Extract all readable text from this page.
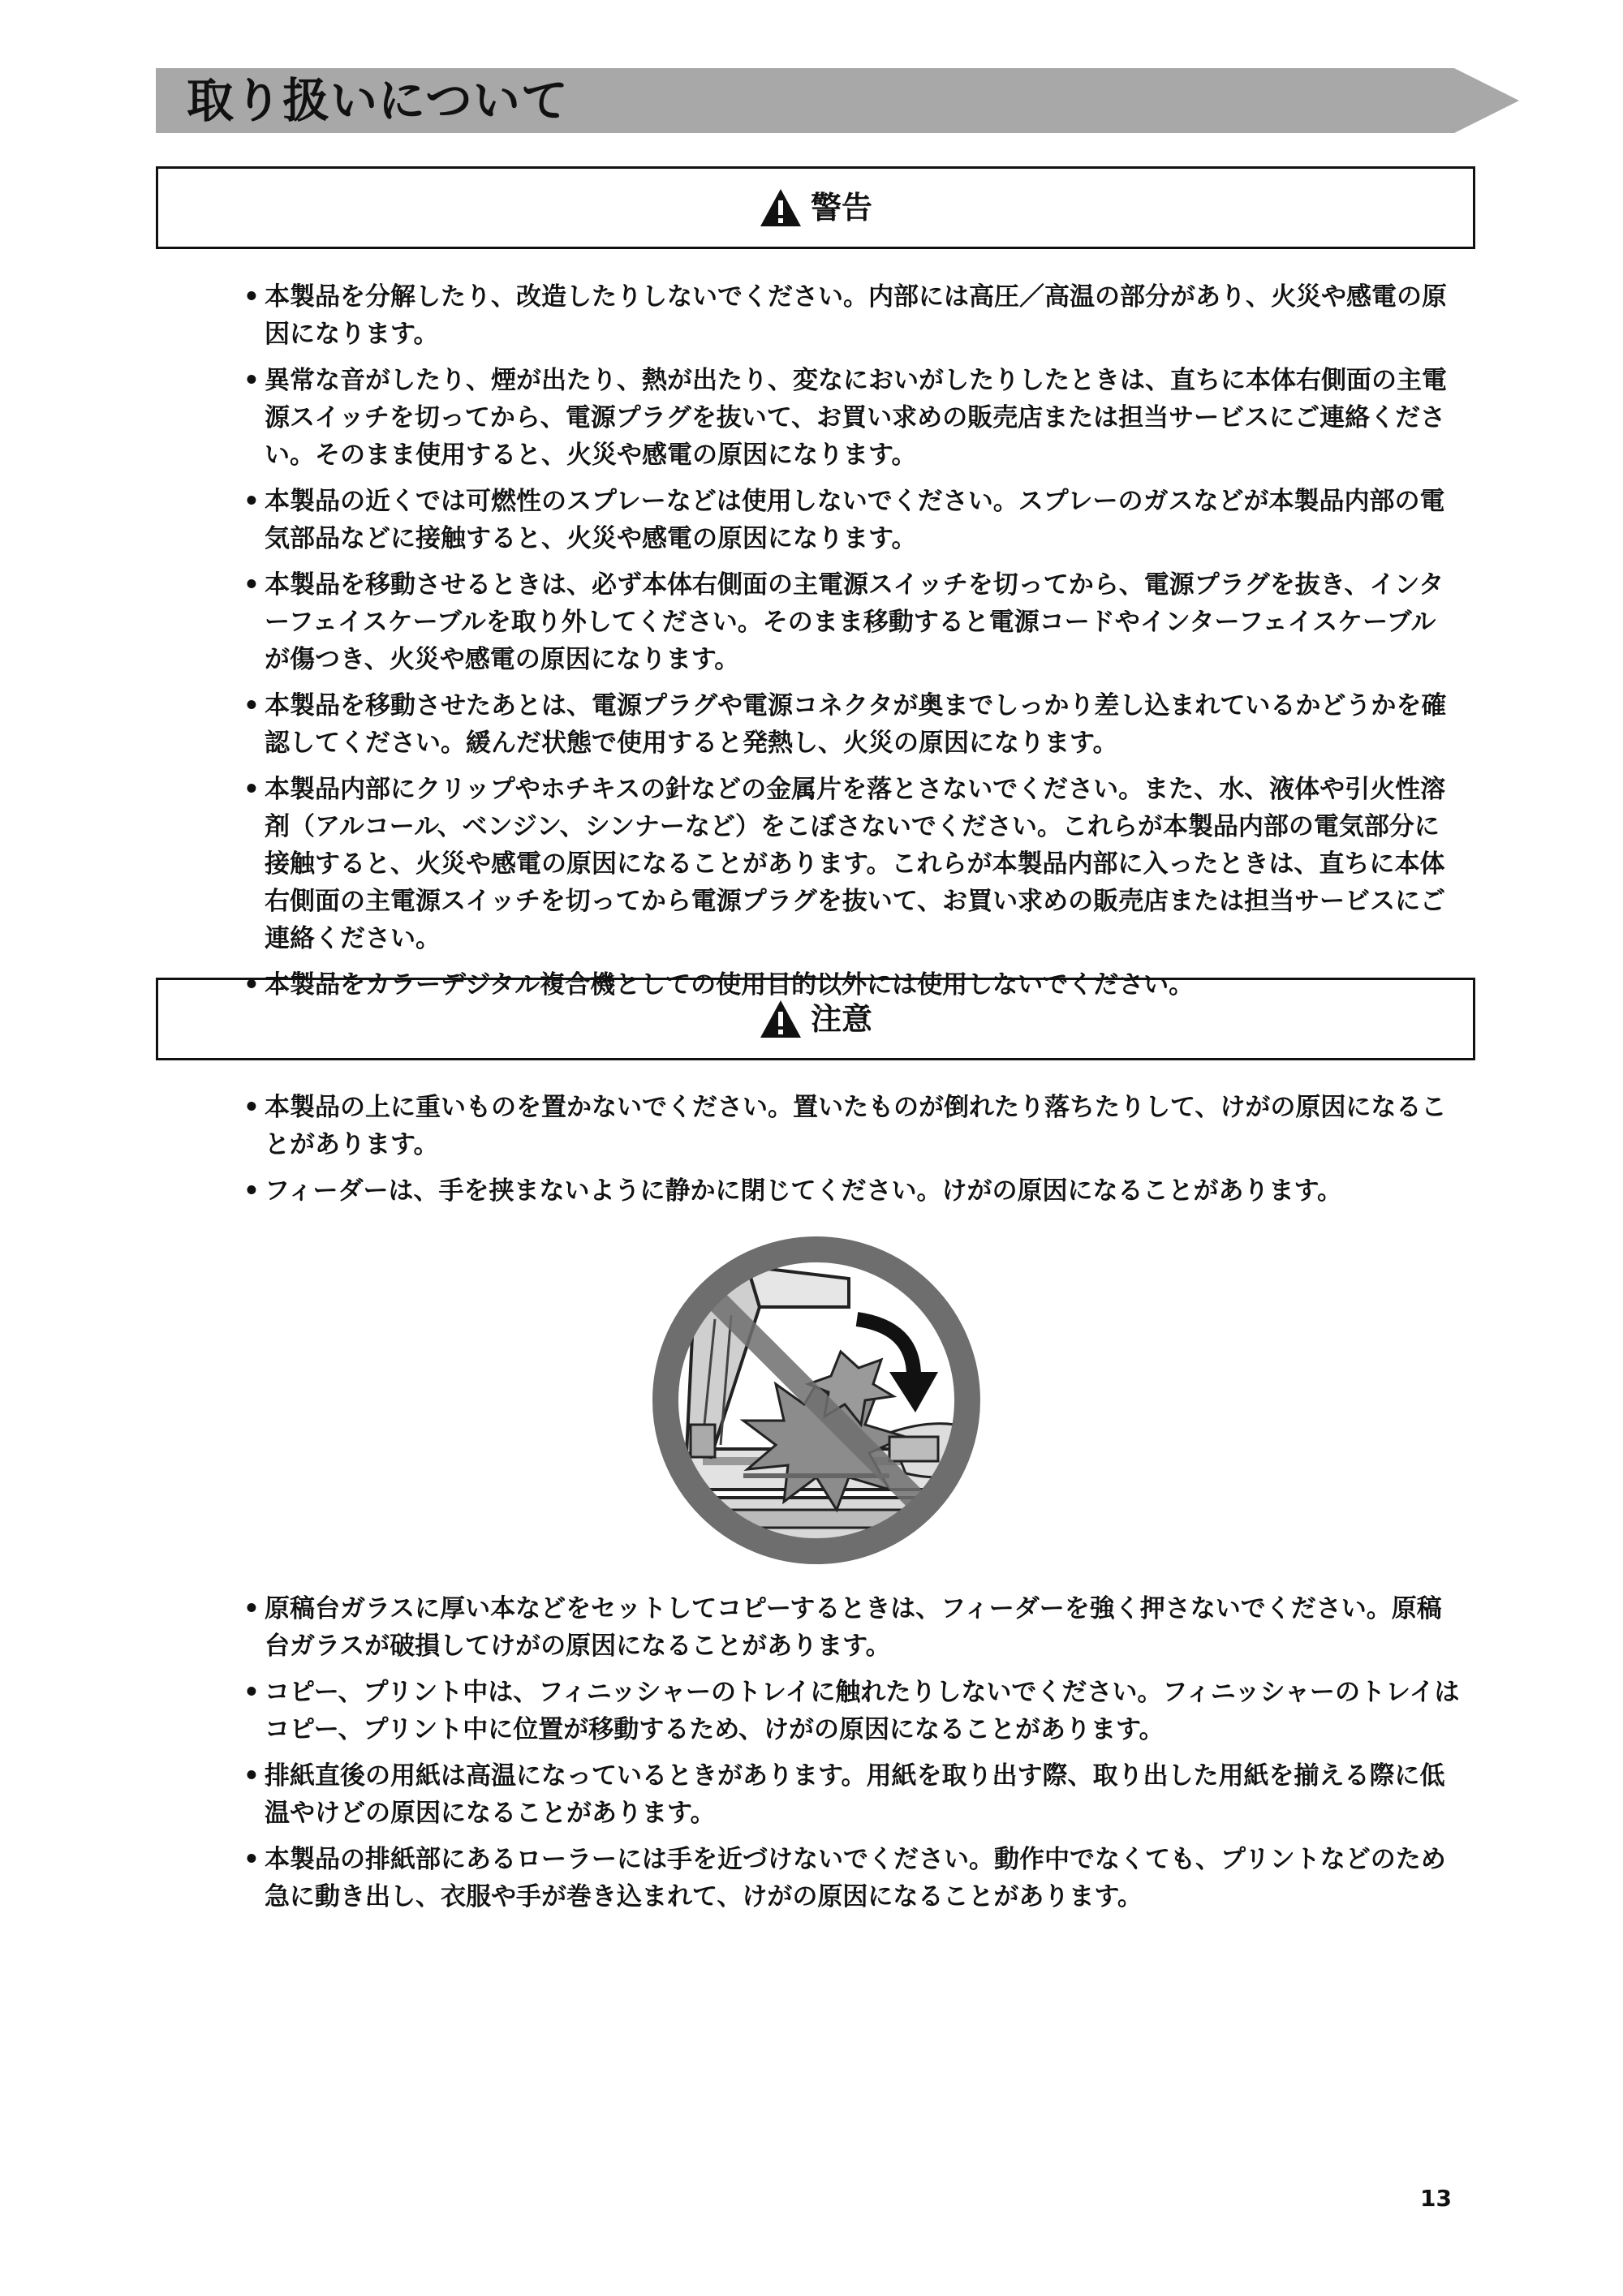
取り扱いについて
警告
• 本製品を分解したり、改造したりしないでください。内部には高圧／高温の部分があり、火災や感電の原因になります。
• 異常な音がしたり、煙が出たり、熱が出たり、変なにおいがしたりしたときは、直ちに本体右側面の主電源スイッチを切ってから、電源プラグを抜いて、お買い求めの販売店または担当サービスにご連絡ください。そのまま使用すると、火災や感電の原因になります。
• 本製品の近くでは可燃性のスプレーなどは使用しないでください。スプレーのガスなどが本製品内部の電気部品などに接触すると、火災や感電の原因になります。
• 本製品を移動させるときは、必ず本体右側面の主電源スイッチを切ってから、電源プラグを抜き、インターフェイスケーブルを取り外してください。そのまま移動すると電源コードやインターフェイスケーブルが傷つき、火災や感電の原因になります。
• 本製品を移動させたあとは、電源プラグや電源コネクタが奥までしっかり差し込まれているかどうかを確認してください。緩んだ状態で使用すると発熱し、火災の原因になります。
• 本製品内部にクリップやホチキスの針などの金属片を落とさないでください。また、水、液体や引火性溶剤（アルコール、ベンジン、シンナーなど）をこぼさないでください。これらが本製品内部の電気部分に接触すると、火災や感電の原因になることがあります。これらが本製品内部に入ったときは、直ちに本体右側面の主電源スイッチを切ってから電源プラグを抜いて、お買い求めの販売店または担当サービスにご連絡ください。
• 本製品をカラーデジタル複合機としての使用目的以外には使用しないでください。
注意
• 本製品の上に重いものを置かないでください。置いたものが倒れたり落ちたりして、けがの原因になることがあります。
• フィーダーは、手を挟まないように静かに閉じてください。けがの原因になることがあります。
• 原稿台ガラスに厚い本などをセットしてコピーするときは、フィーダーを強く押さないでください。原稿台ガラスが破損してけがの原因になることがあります。
• コピー、プリント中は、フィニッシャーのトレイに触れたりしないでください。フィニッシャーのトレイはコピー、プリント中に位置が移動するため、けがの原因になることがあります。
• 排紙直後の用紙は高温になっているときがあります。用紙を取り出す際、取り出した用紙を揃える際に低温やけどの原因になることがあります。
• 本製品の排紙部にあるローラーには手を近づけないでください。動作中でなくても、プリントなどのため急に動き出し、衣服や手が巻き込まれて、けがの原因になることがあります。
13
